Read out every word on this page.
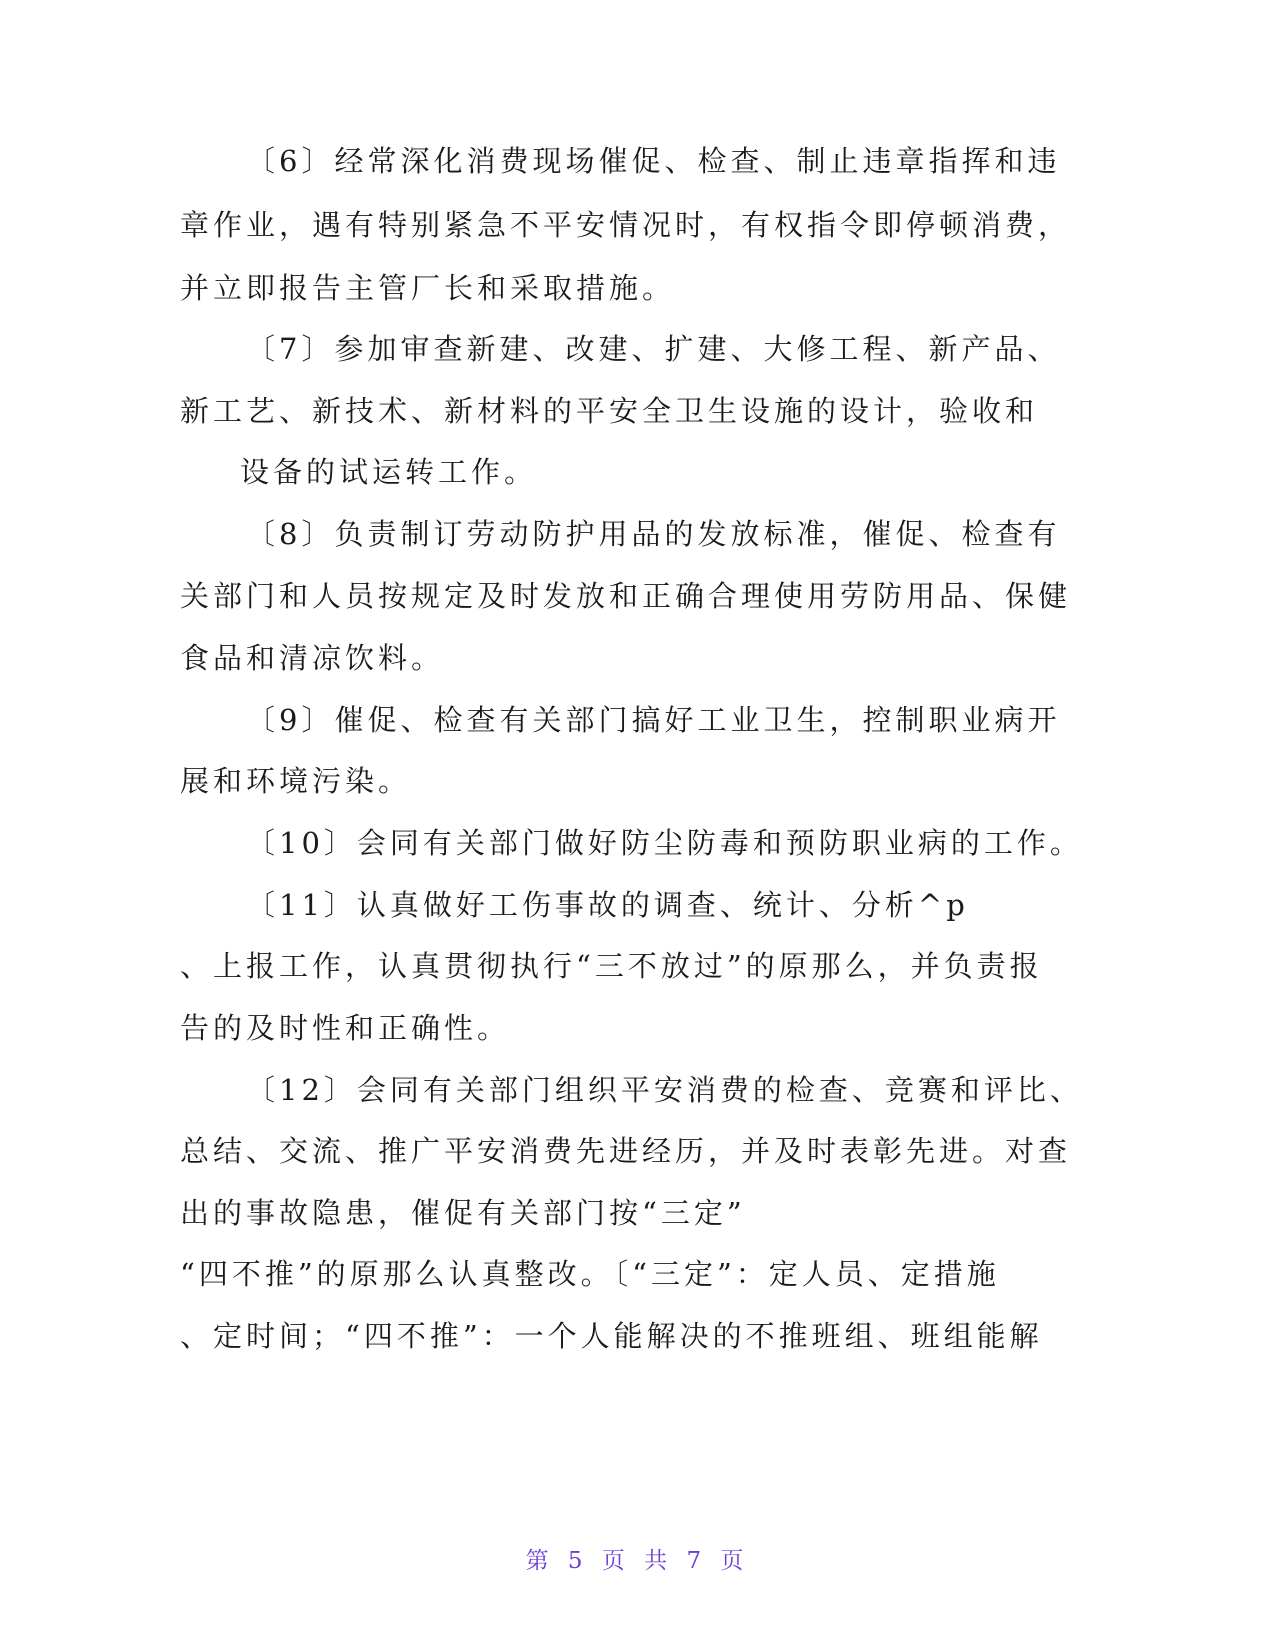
〔6〕经常深化消费现场催促、检查、制止违章指挥和违
章作业，遇有特别紧急不平安情况时，有权指令即停顿消费，
并立即报告主管厂长和采取措施。
〔7〕参加审查新建、改建、扩建、大修工程、新产品、
新工艺、新技术、新材料的平安全卫生设施的设计，验收和
设备的试运转工作。
〔8〕负责制订劳动防护用品的发放标准，催促、检查有
关部门和人员按规定及时发放和正确合理使用劳防用品、保健
食品和清凉饮料。
〔9〕催促、检查有关部门搞好工业卫生，控制职业病开
展和环境污染。
〔10〕会同有关部门做好防尘防毒和预防职业病的工作。
〔11〕认真做好工伤事故的调查、统计、分析^p
、上报工作，认真贯彻执行“三不放过”的原那么，并负责报
告的及时性和正确性。
〔12〕会同有关部门组织平安消费的检查、竞赛和评比、
总结、交流、推广平安消费先进经历，并及时表彰先进。对查
出的事故隐患，催促有关部门按“三定”
“四不推”的原那么认真整改。〔“三定”：定人员、定措施
、定时间；“四不推”：一个人能解决的不推班组、班组能解
第 5 页 共 7 页
